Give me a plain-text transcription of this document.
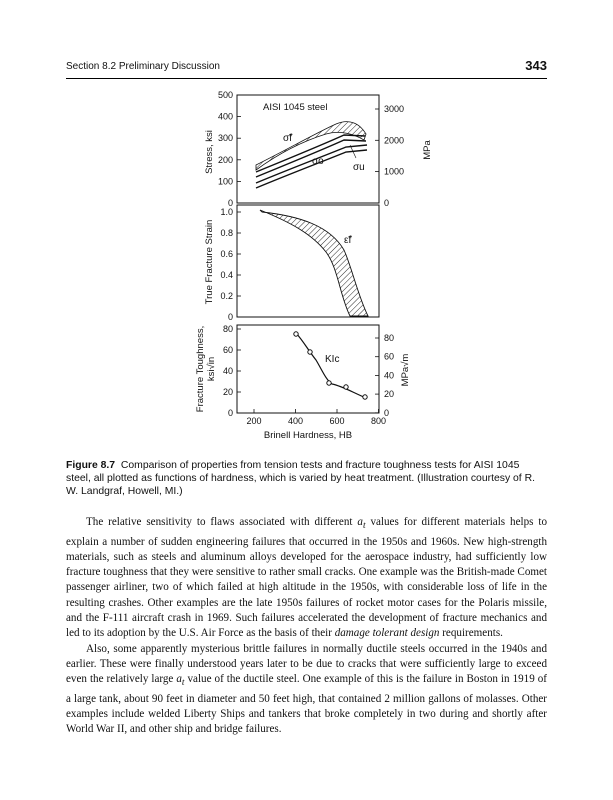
Section 8.2 Preliminary Discussion	343
AISI 1045 steel
500
400
300
200
100
0
3000
2000
1000
0
Stress, ksi	MPa
σ̃f
σo
σu
1.0
0.8
0.6
0.4
0.2
0
True Fracture Strain	ε̃f
80
60
40
20
0
80
60
40
20
0
200	400	600	800
Fracture Toughness, ksi√in	MPa√m
KIc
Brinell Hardness, HB
Figure 8.7 Comparison of properties from tension tests and fracture toughness tests for AISI 1045 steel, all plotted as functions of hardness, which is varied by heat treatment. (Illustration courtesy of R. W. Landgraf, Howell, MI.)

The relative sensitivity to flaws associated with different $a_t$ values for different materials helps to explain a number of sudden engineering failures that occurred in the 1950s and 1960s. New high-strength materials, such as steels and aluminum alloys developed for the aerospace industry, had sufficiently low fracture toughness that they were sensitive to rather small cracks. One example was the British-made Comet passenger airliner, two of which failed at high altitude in the 1950s, with considerable loss of life in the resulting crashes. Other examples are the late 1950s failures of rocket motor cases for the Polaris missile, and the F-111 aircraft crash in 1969. Such failures accelerated the development of fracture mechanics and led to its adoption by the U.S. Air Force as the basis of their damage tolerant design requirements.

Also, some apparently mysterious brittle failures in normally ductile steels occurred in the 1940s and earlier. These were finally understood years later to be due to cracks that were sufficiently large to exceed even the relatively large $a_t$ value of the ductile steel. One example of this is the failure in Boston in 1919 of a large tank, about 90 feet in diameter and 50 feet high, that contained 2 million gallons of molasses. Other examples include welded Liberty Ships and tankers that broke completely in two during and shortly after World War II, and other ship and bridge failures.
